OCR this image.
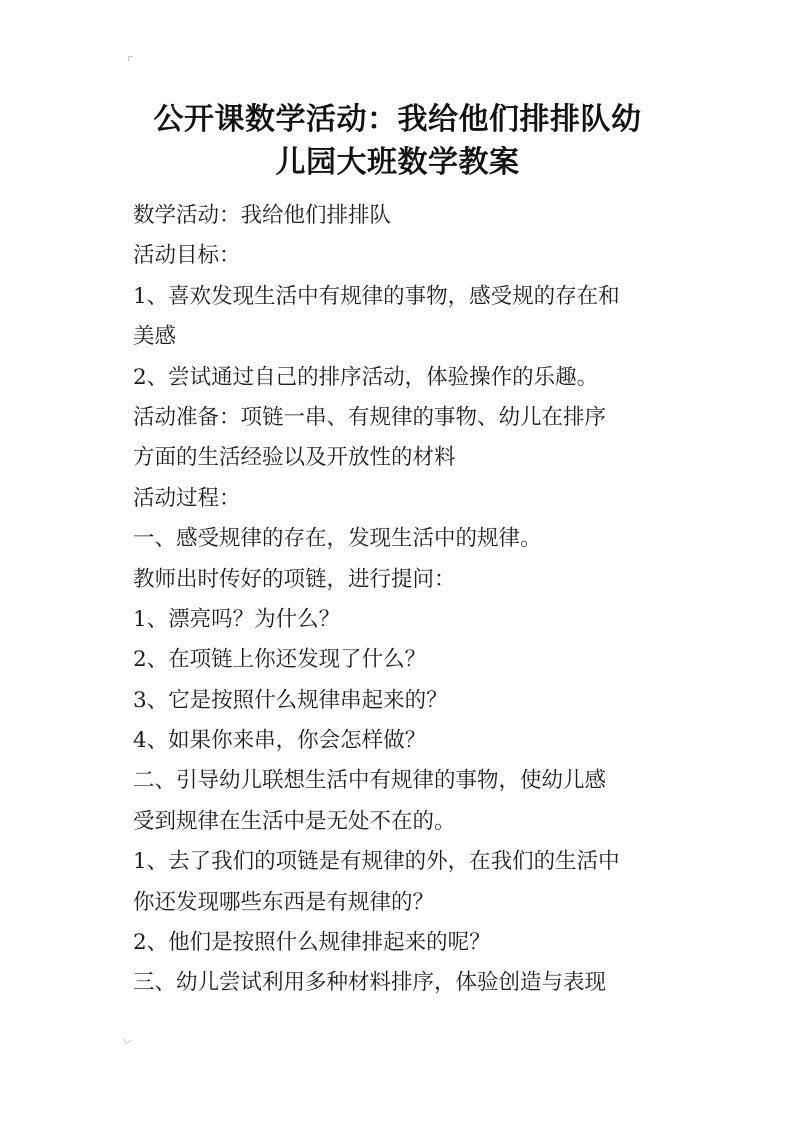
公开课数学活动：我给他们排排队幼
儿园大班数学教案
数学活动：我给他们排排队
活动目标：
1、喜欢发现生活中有规律的事物，感受规的存在和
美感
2、尝试通过自己的排序活动，体验操作的乐趣。
活动准备：项链一串、有规律的事物、幼儿在排序
方面的生活经验以及开放性的材料
活动过程：
一、感受规律的存在，发现生活中的规律。
教师出时传好的项链，进行提问：
1、漂亮吗？为什么？
2、在项链上你还发现了什么？
3、它是按照什么规律串起来的？
4、如果你来串，你会怎样做？
二、引导幼儿联想生活中有规律的事物，使幼儿感
受到规律在生活中是无处不在的。
1、去了我们的项链是有规律的外，在我们的生活中
你还发现哪些东西是有规律的？
2、他们是按照什么规律排起来的呢？
三、幼儿尝试利用多种材料排序，体验创造与表现
